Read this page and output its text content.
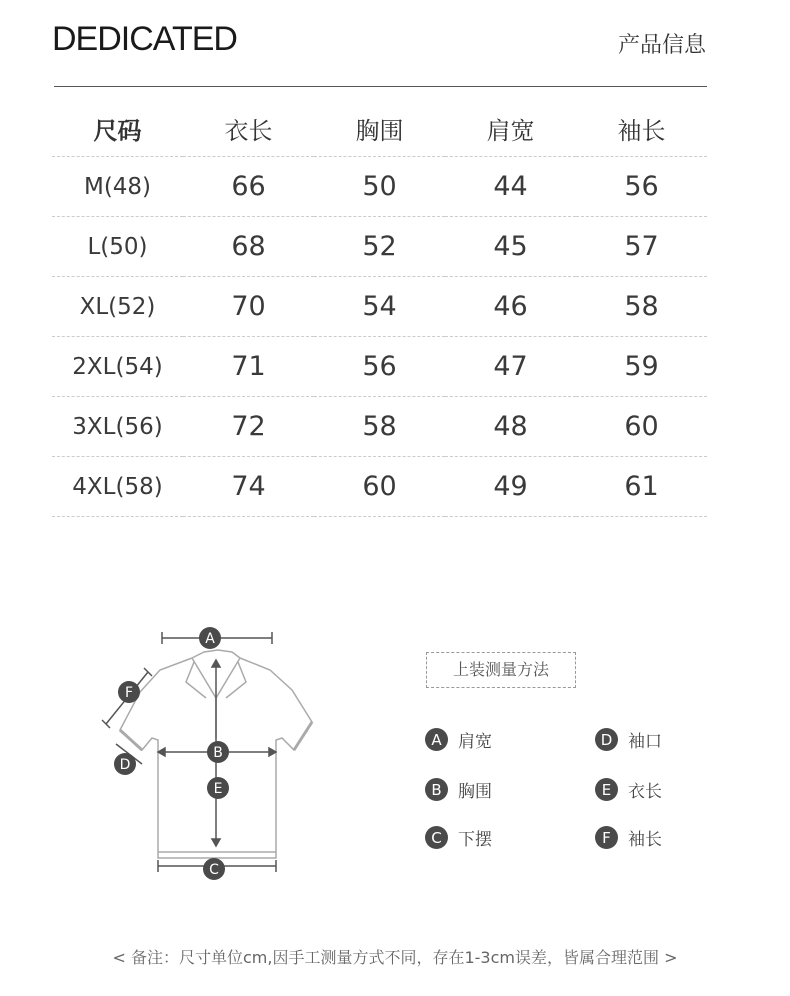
DEDICATED	产品信息
尺码	衣长	胸围	肩宽	袖长
M(48)	66	50	44	56
L(50)	68	52	45	57
XL(52)	70	54	46	58
2XL(54)	71	56	47	59
3XL(56)	72	58	48	60
4XL(58)	74	60	49	61
A
B
E
C
F
D
上装测量方法
A 肩宽	D 袖口
B 胸围	E 衣长
C 下摆	F	袖长
< 备注：尺寸单位cm,因手工测量方式不同，存在1-3cm误差，皆属合理范围 >
